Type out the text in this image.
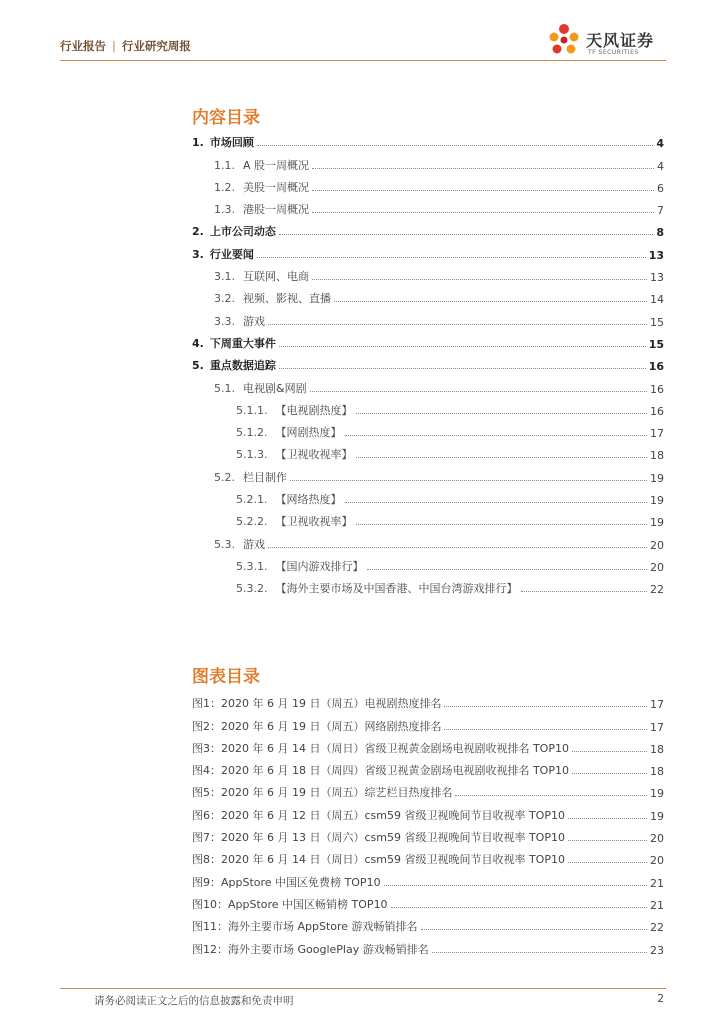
行业报告 | 行业研究周报	天风证券
TF SECURITIES
内容目录
1. 市场回顾	4
1.1. A 股一周概况	4
1.2. 美股一周概况	6
1.3. 港股一周概况	7
2. 上市公司动态	8
3. 行业要闻	13
3.1. 互联网、电商	13
3.2. 视频、影视、直播	14
3.3. 游戏	15
4. 下周重大事件	15
5. 重点数据追踪	16
5.1. 电视剧&网剧	16
5.1.1. 【电视剧热度】	16
5.1.2. 【网剧热度】	17
5.1.3. 【卫视收视率】	18
5.2. 栏目制作	19
5.2.1. 【网络热度】	19
5.2.2. 【卫视收视率】	19
5.3. 游戏	20
5.3.1. 【国内游戏排行】	20
5.3.2. 【海外主要市场及中国香港、中国台湾游戏排行】	22
图表目录
图1：2020 年 6 月 19 日（周五）电视剧热度排名	17
图2：2020 年 6 月 19 日（周五）网络剧热度排名	17
图3：2020 年 6 月 14 日（周日）省级卫视黄金剧场电视剧收视排名 TOP10	18
图4：2020 年 6 月 18 日（周四）省级卫视黄金剧场电视剧收视排名 TOP10	18
图5：2020 年 6 月 19 日（周五）综艺栏目热度排名	19
图6：2020 年 6 月 12 日（周五）csm59 省级卫视晚间节目收视率 TOP10	19
图7：2020 年 6 月 13 日（周六）csm59 省级卫视晚间节目收视率 TOP10	20
图8：2020 年 6 月 14 日（周日）csm59 省级卫视晚间节目收视率 TOP10	20
图9：AppStore 中国区免费榜 TOP10	21
图10：AppStore 中国区畅销榜 TOP10	21
图11：海外主要市场 AppStore 游戏畅销排名	22
图12：海外主要市场 GooglePlay 游戏畅销排名	23
请务必阅读正文之后的信息披露和免责申明	2
